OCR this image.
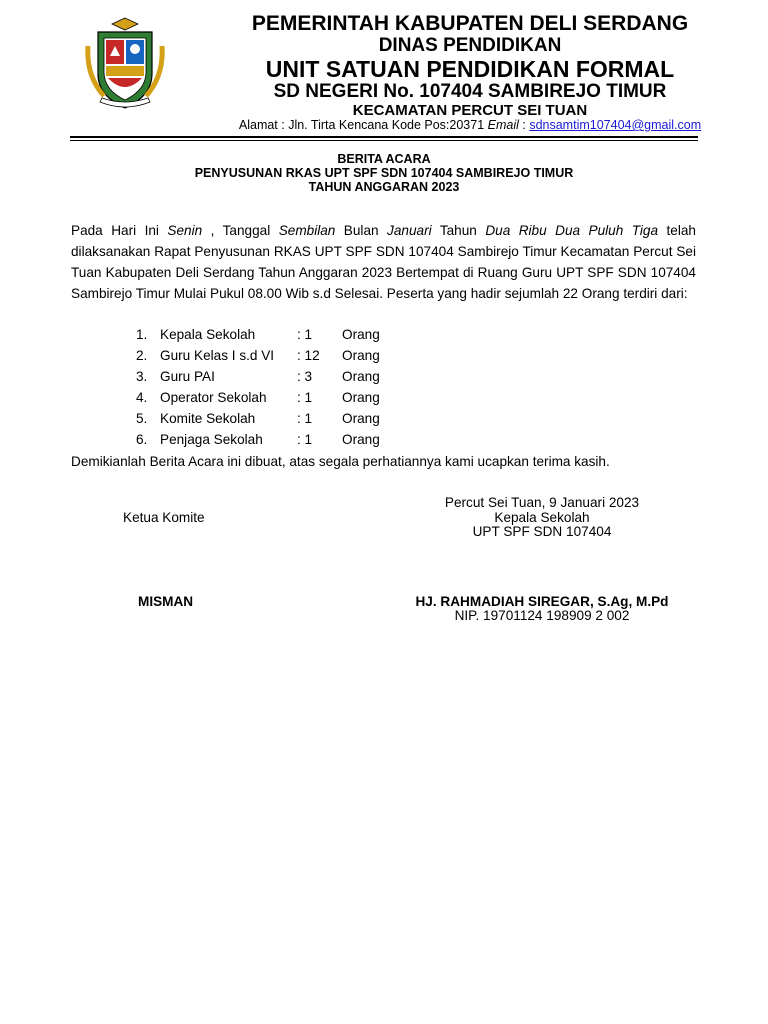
PEMERINTAH KABUPATEN DELI SERDANG
DINAS PENDIDIKAN
UNIT SATUAN PENDIDIKAN FORMAL
SD NEGERI No. 107404 SAMBIREJO TIMUR
KECAMATAN PERCUT SEI TUAN
Alamat : Jln. Tirta Kencana Kode Pos:20371 Email : sdnsamtim107404@gmail.com
BERITA ACARA
PENYUSUNAN RKAS UPT SPF SDN 107404 SAMBIREJO TIMUR
TAHUN ANGGARAN 2023
Pada Hari Ini Senin , Tanggal Sembilan Bulan Januari Tahun Dua Ribu Dua Puluh Tiga telah dilaksanakan Rapat Penyusunan RKAS UPT SPF SDN 107404 Sambirejo Timur Kecamatan Percut Sei Tuan Kabupaten Deli Serdang Tahun Anggaran 2023 Bertempat di Ruang Guru UPT SPF SDN 107404 Sambirejo Timur Mulai Pukul 08.00 Wib s.d Selesai. Peserta yang hadir sejumlah 22 Orang terdiri dari:
1. Kepala Sekolah	: 1 Orang
2. Guru Kelas I s.d VI : 12 Orang
3. Guru PAI	: 3 Orang
4. Operator Sekolah : 1 Orang
5. Komite Sekolah	: 1 Orang
6. Penjaga Sekolah	: 1 Orang
Demikianlah Berita Acara ini dibuat, atas segala perhatiannya kami ucapkan terima kasih.
Percut Sei Tuan, 9 Januari 2023
Ketua Komite	Kepala Sekolah
UPT SPF SDN 107404
MISMAN	HJ. RAHMADIAH SIREGAR, S.Ag, M.Pd
NIP. 19701124 198909 2 002
